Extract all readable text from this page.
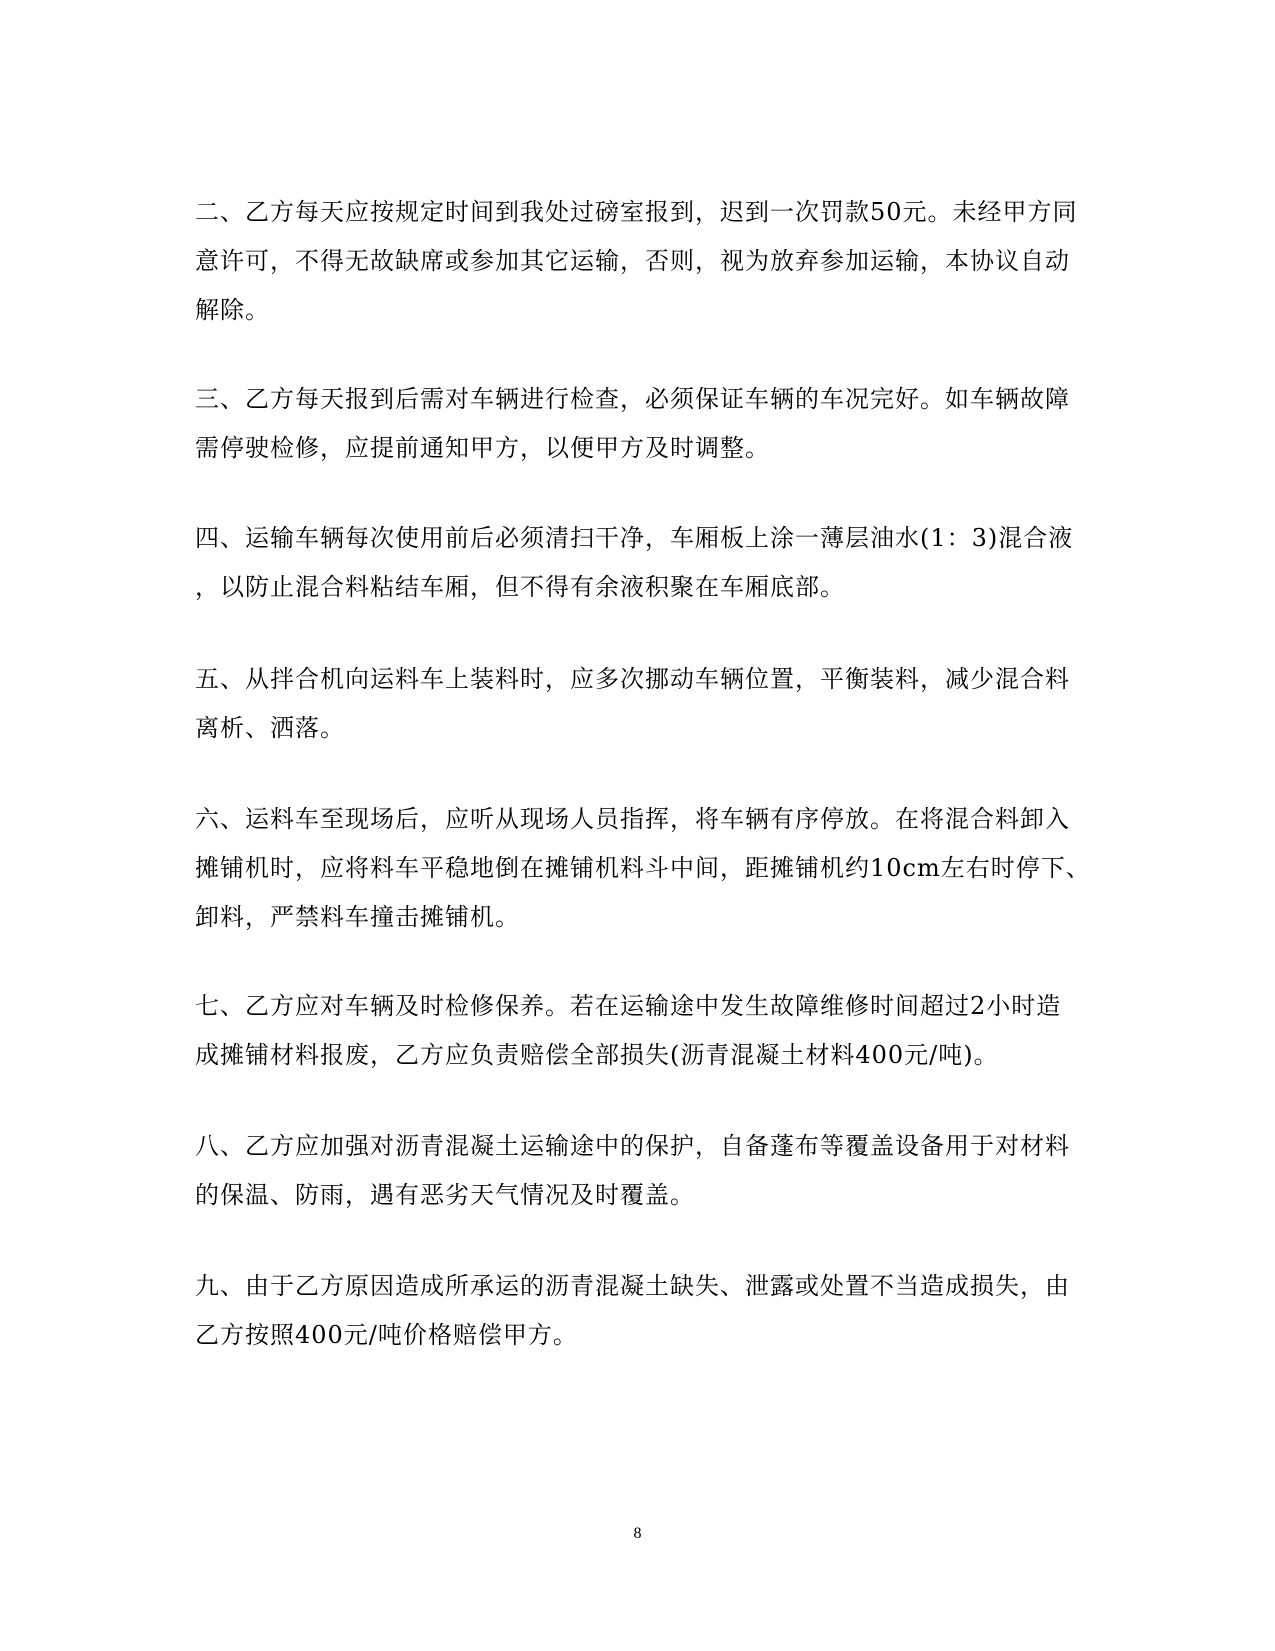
二、乙方每天应按规定时间到我处过磅室报到，迟到一次罚款50元。未经甲方同
意许可，不得无故缺席或参加其它运输，否则，视为放弃参加运输，本协议自动
解除。

三、乙方每天报到后需对车辆进行检查，必须保证车辆的车况完好。如车辆故障
需停驶检修，应提前通知甲方，以便甲方及时调整。

四、运输车辆每次使用前后必须清扫干净，车厢板上涂一薄层油水(1：3)混合液
，以防止混合料粘结车厢，但不得有余液积聚在车厢底部。

五、从拌合机向运料车上装料时，应多次挪动车辆位置，平衡装料，减少混合料
离析、洒落。

六、运料车至现场后，应听从现场人员指挥，将车辆有序停放。在将混合料卸入
摊铺机时，应将料车平稳地倒在摊铺机料斗中间，距摊铺机约10cm左右时停下、
卸料，严禁料车撞击摊铺机。

七、乙方应对车辆及时检修保养。若在运输途中发生故障维修时间超过2小时造
成摊铺材料报废，乙方应负责赔偿全部损失(沥青混凝土材料400元/吨)。

八、乙方应加强对沥青混凝土运输途中的保护，自备蓬布等覆盖设备用于对材料
的保温、防雨，遇有恶劣天气情况及时覆盖。

九、由于乙方原因造成所承运的沥青混凝土缺失、泄露或处置不当造成损失，由
乙方按照400元/吨价格赔偿甲方。

8
